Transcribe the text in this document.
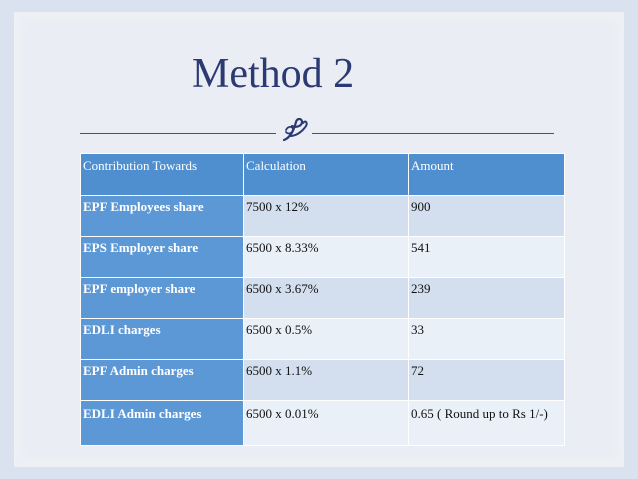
Method 2
Contribution Towards	Calculation	Amount
EPF Employees share	7500 x 12%	900
EPS Employer share	6500 x 8.33%	541
EPF employer share	6500 x 3.67%	239
EDLI charges	6500 x 0.5%	33
EPF Admin charges	6500 x 1.1%	72
EDLI Admin charges	6500 x 0.01%	0.65 ( Round up to Rs 1/-)
